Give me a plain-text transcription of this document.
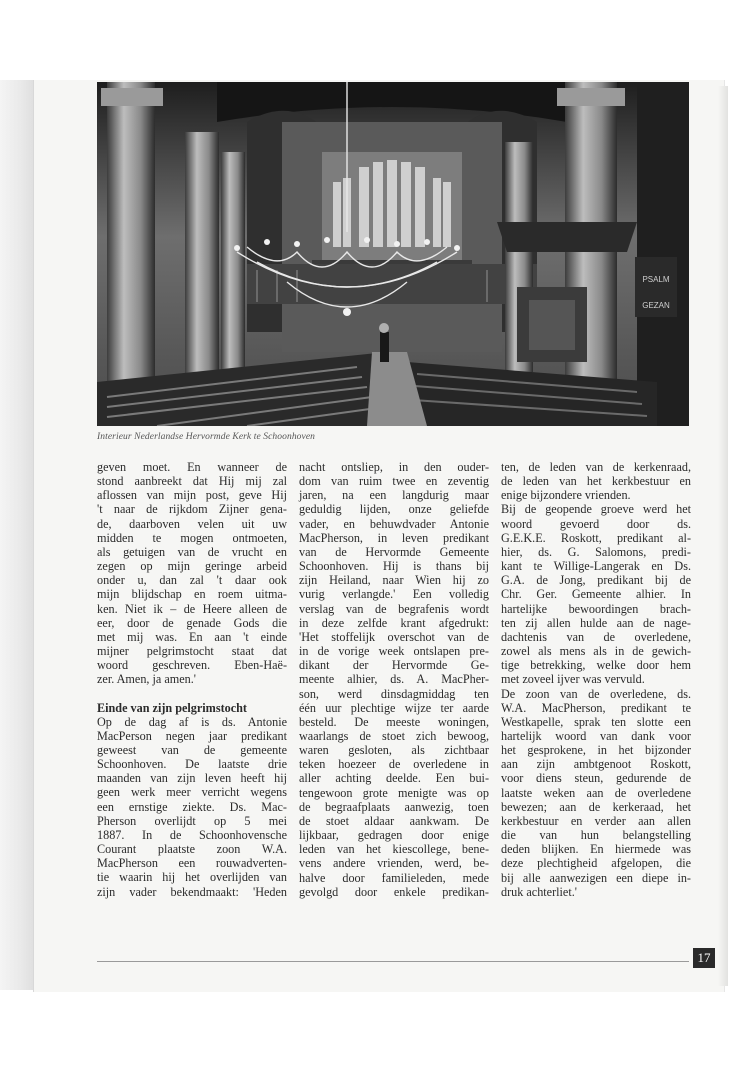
PSALM
GEZAN
Interieur Nederlandse Hervormde Kerk te Schoonhoven
geven moet. En wanneer de
stond aanbreekt dat Hij mij zal
aflossen van mijn post, geve Hij
't naar de rijkdom Zijner gena-
de, daarboven velen uit uw
midden te mogen ontmoeten,
als getuigen van de vrucht en
zegen op mijn geringe arbeid
onder u, dan zal 't daar ook
mijn blijdschap en roem uitma-
ken. Niet ik – de Heere alleen de
eer, door de genade Gods die
met mij was. En aan 't einde
mijner pelgrimstocht staat dat
woord geschreven. Eben-Haë-
zer. Amen, ja amen.'
Einde van zijn pelgrimstocht
Op de dag af is ds. Antonie
MacPerson negen jaar predikant
geweest van de gemeente
Schoonhoven. De laatste drie
maanden van zijn leven heeft hij
geen werk meer verricht wegens
een ernstige ziekte. Ds. Mac-
Pherson overlijdt op 5 mei
1887. In de Schoonhovensche
Courant plaatste zoon W.A.
MacPherson een rouwadverten-
tie waarin hij het overlijden van
zijn vader bekendmaakt: 'Heden
nacht ontsliep, in den ouder-
dom van ruim twee en zeventig
jaren, na een langdurig maar
geduldig lijden, onze geliefde
vader, en behuwdvader Antonie
MacPherson, in leven predikant
van de Hervormde Gemeente
Schoonhoven. Hij is thans bij
zijn Heiland, naar Wien hij zo
vurig verlangde.' Een volledig
verslag van de begrafenis wordt
in deze zelfde krant afgedrukt:
'Het stoffelijk overschot van de
in de vorige week ontslapen pre-
dikant der Hervormde Ge-
meente alhier, ds. A. MacPher-
son, werd dinsdagmiddag ten
één uur plechtige wijze ter aarde
besteld. De meeste woningen,
waarlangs de stoet zich bewoog,
waren gesloten, als zichtbaar
teken hoezeer de overledene in
aller achting deelde. Een bui-
tengewoon grote menigte was op
de begraafplaats aanwezig, toen
de stoet aldaar aankwam. De
lijkbaar, gedragen door enige
leden van het kiescollege, bene-
vens andere vrienden, werd, be-
halve door familieleden, mede
gevolgd door enkele predikan-
ten, de leden van de kerkenraad,
de leden van het kerkbestuur en
enige bijzondere vrienden.
Bij de geopende groeve werd het
woord gevoerd door ds.
G.E.K.E. Roskott, predikant al-
hier, ds. G. Salomons, predi-
kant te Willige-Langerak en Ds.
G.A. de Jong, predikant bij de
Chr. Ger. Gemeente alhier. In
hartelijke bewoordingen brach-
ten zij allen hulde aan de nage-
dachtenis van de overledene,
zowel als mens als in de gewich-
tige betrekking, welke door hem
met zoveel ijver was vervuld.
De zoon van de overledene, ds.
W.A. MacPherson, predikant te
Westkapelle, sprak ten slotte een
hartelijk woord van dank voor
het gesprokene, in het bijzonder
aan zijn ambtgenoot Roskott,
voor diens steun, gedurende de
laatste weken aan de overledene
bewezen; aan de kerkeraad, het
kerkbestuur en verder aan allen
die van hun belangstelling
deden blijken. En hiermede was
deze plechtigheid afgelopen, die
bij alle aanwezigen een diepe in-
druk achterliet.'
17
